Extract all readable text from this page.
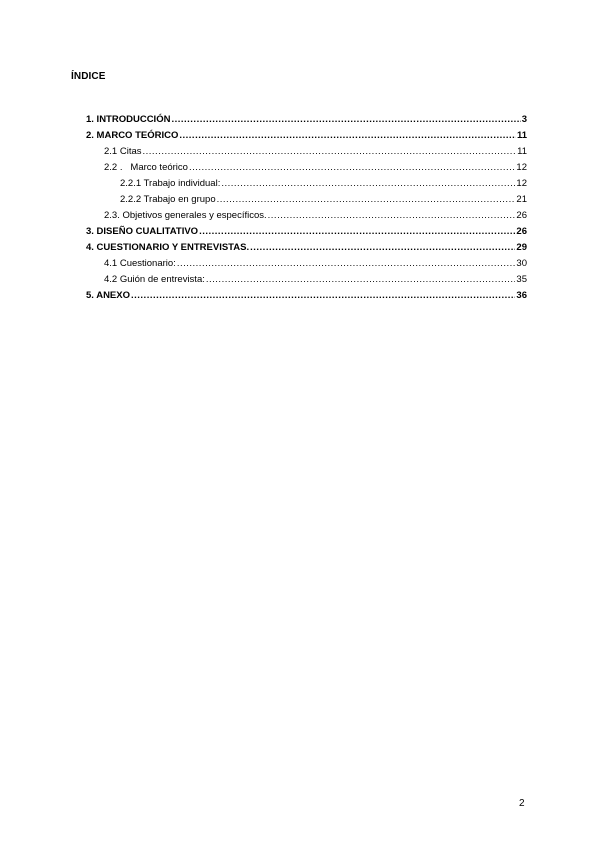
ÍNDICE
1. INTRODUCCIÓN .....	3
2. MARCO TEÓRICO .....	11
2.1 Citas .....	11
2.2 .   Marco teórico .....	12
2.2.1 Trabajo individual: .....	12
2.2.2 Trabajo en grupo .....	21
2.3. Objetivos generales y específicos. .....	26
3. DISEÑO CUALITATIVO .....	26
4. CUESTIONARIO Y ENTREVISTAS. .....	29
4.1 Cuestionario: .....	30
4.2 Guión de entrevista: .....	35
5. ANEXO .....	36
2
